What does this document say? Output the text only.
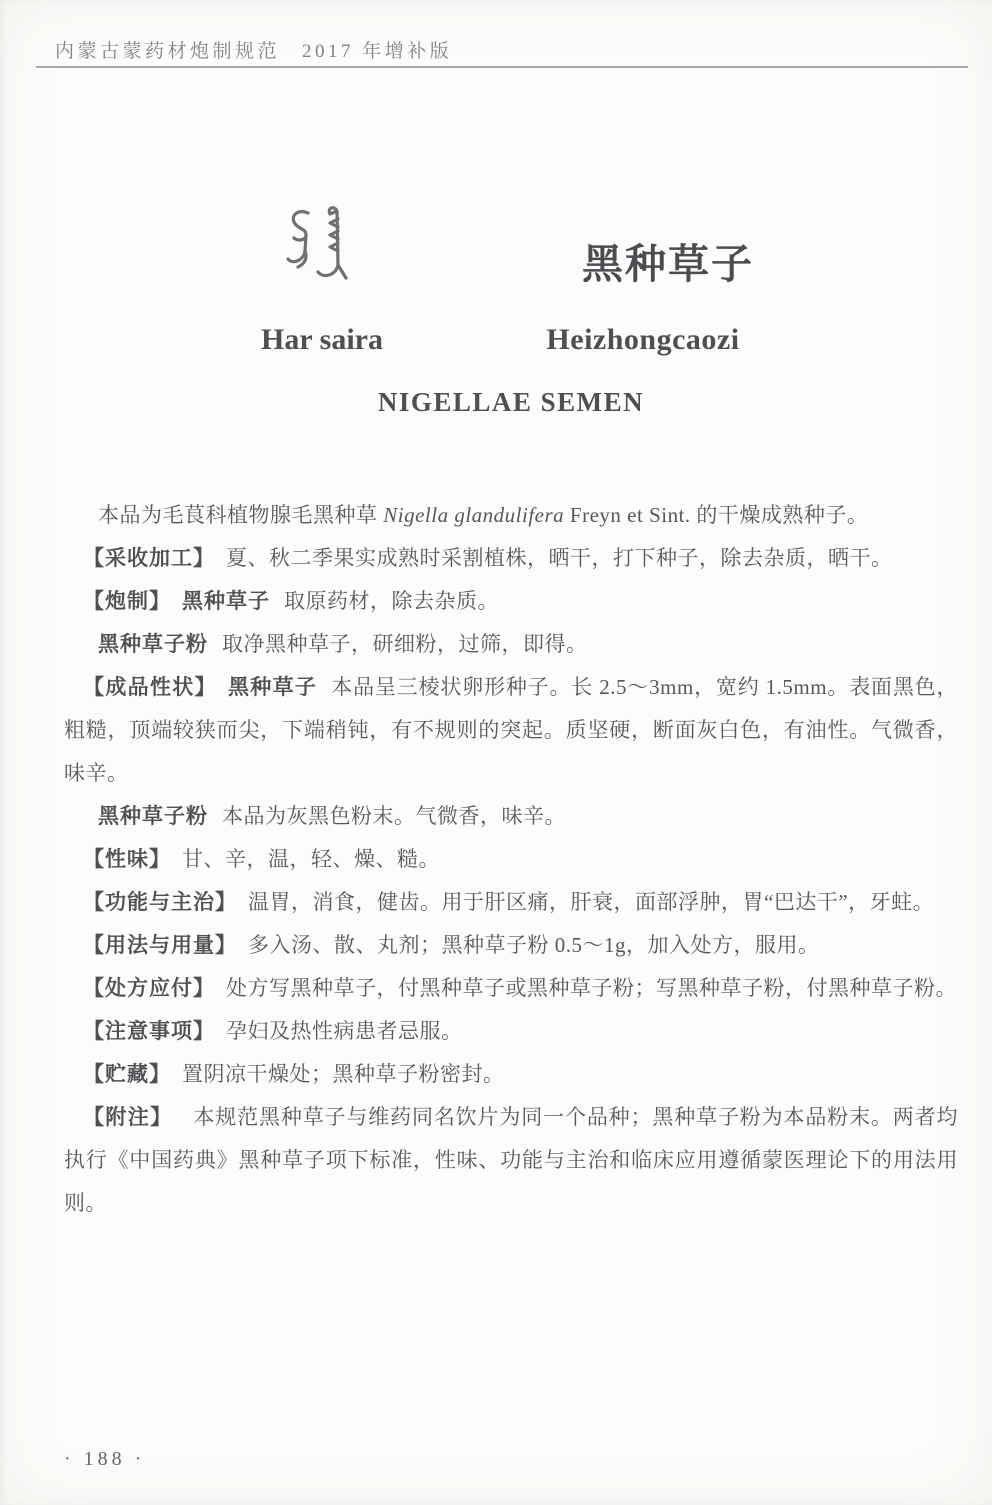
内蒙古蒙药材炮制规范 2017 年增补版
黑种草子
Har saira	Heizhongcaozi
NIGELLAE SEMEN

本品为毛茛科植物腺毛黑种草 Nigella glandulifera Freyn et Sint. 的干燥成熟种子。

【采收加工】 夏、秋二季果实成熟时采割植株，晒干，打下种子，除去杂质，晒干。

【炮制】 黑种草子 取原药材，除去杂质。

黑种草子粉 取净黑种草子，研细粉，过筛，即得。

【成品性状】 黑种草子 本品呈三棱状卵形种子。长 2.5～3mm，宽约 1.5mm。表面黑色，粗糙，顶端较狭而尖，下端稍钝，有不规则的突起。质坚硬，断面灰白色，有油性。气微香，味辛。

黑种草子粉 本品为灰黑色粉末。气微香，味辛。

【性味】 甘、辛，温，轻、燥、糙。

【功能与主治】 温胃，消食，健齿。用于肝区痛，肝衰，面部浮肿，胃“巴达干”，牙蛀。

【用法与用量】 多入汤、散、丸剂；黑种草子粉 0.5～1g，加入处方，服用。

【处方应付】 处方写黑种草子，付黑种草子或黑种草子粉；写黑种草子粉，付黑种草子粉。

【注意事项】 孕妇及热性病患者忌服。

【贮藏】 置阴凉干燥处；黑种草子粉密封。

【附注】 本规范黑种草子与维药同名饮片为同一个品种；黑种草子粉为本品粉末。两者均执行《中国药典》黑种草子项下标准，性味、功能与主治和临床应用遵循蒙医理论下的用法用则。

· 188 ·
